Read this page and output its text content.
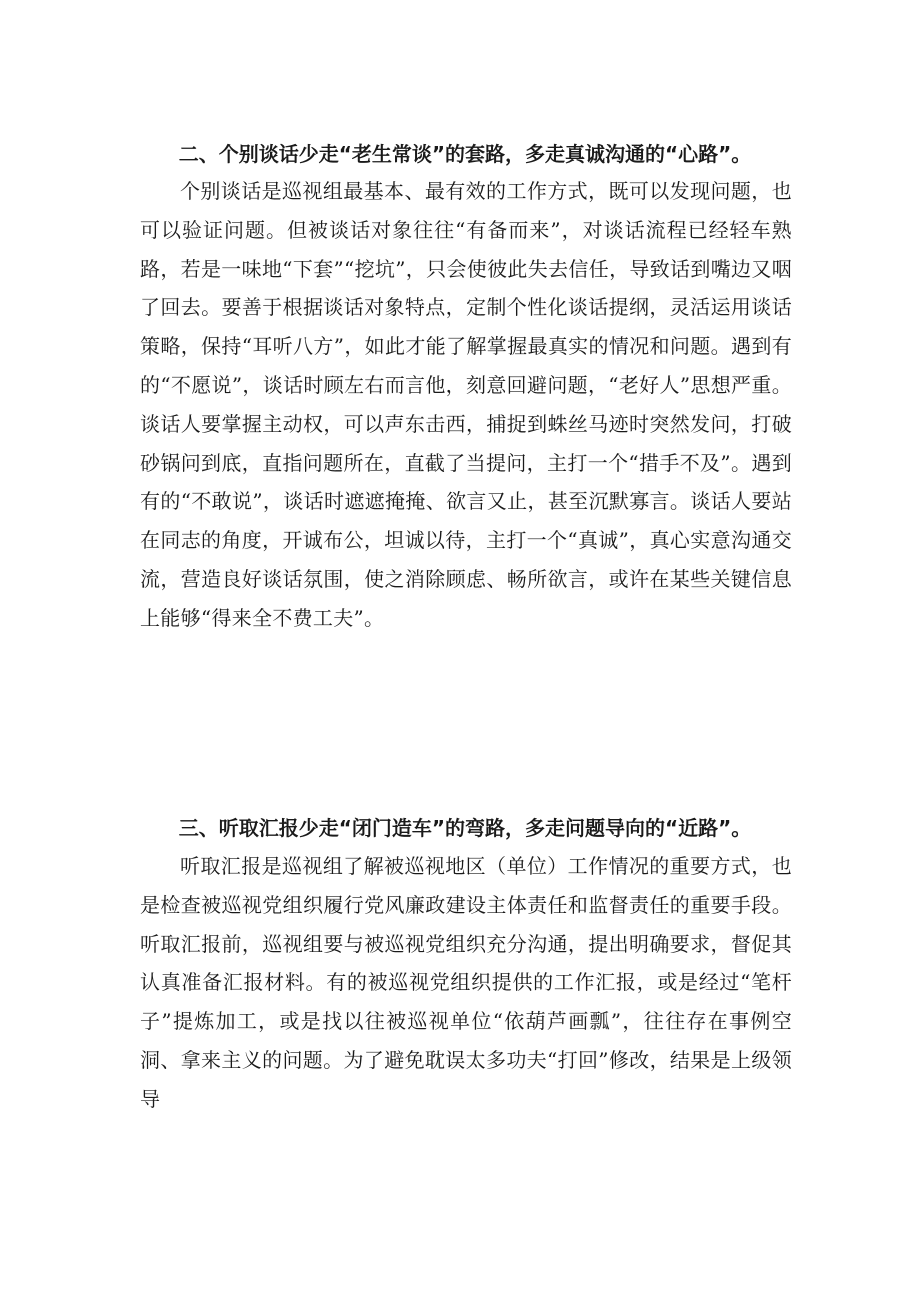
二、个别谈话少走“老生常谈”的套路，多走真诚沟通的“心路”。

个别谈话是巡视组最基本、最有效的工作方式，既可以发现问题，也可以验证问题。但被谈话对象往往“有备而来”，对谈话流程已经轻车熟路，若是一味地“下套”“挖坑”，只会使彼此失去信任，导致话到嘴边又咽了回去。要善于根据谈话对象特点，定制个性化谈话提纲，灵活运用谈话策略，保持“耳听八方”，如此才能了解掌握最真实的情况和问题。遇到有的“不愿说”，谈话时顾左右而言他，刻意回避问题，“老好人”思想严重。谈话人要掌握主动权，可以声东击西，捕捉到蛛丝马迹时突然发问，打破砂锅问到底，直指问题所在，直截了当提问，主打一个“措手不及”。遇到有的“不敢说”，谈话时遮遮掩掩、欲言又止，甚至沉默寡言。谈话人要站在同志的角度，开诚布公，坦诚以待，主打一个“真诚”，真心实意沟通交流，营造良好谈话氛围，使之消除顾虑、畅所欲言，或许在某些关键信息上能够“得来全不费工夫”。

三、听取汇报少走“闭门造车”的弯路，多走问题导向的“近路”。

听取汇报是巡视组了解被巡视地区（单位）工作情况的重要方式，也是检查被巡视党组织履行党风廉政建设主体责任和监督责任的重要手段。听取汇报前，巡视组要与被巡视党组织充分沟通，提出明确要求，督促其认真准备汇报材料。有的被巡视党组织提供的工作汇报，或是经过“笔杆子”提炼加工，或是找以往被巡视单位“依葫芦画瓢”，往往存在事例空洞、拿来主义的问题。为了避免耽误太多功夫“打回”修改，结果是上级领导
